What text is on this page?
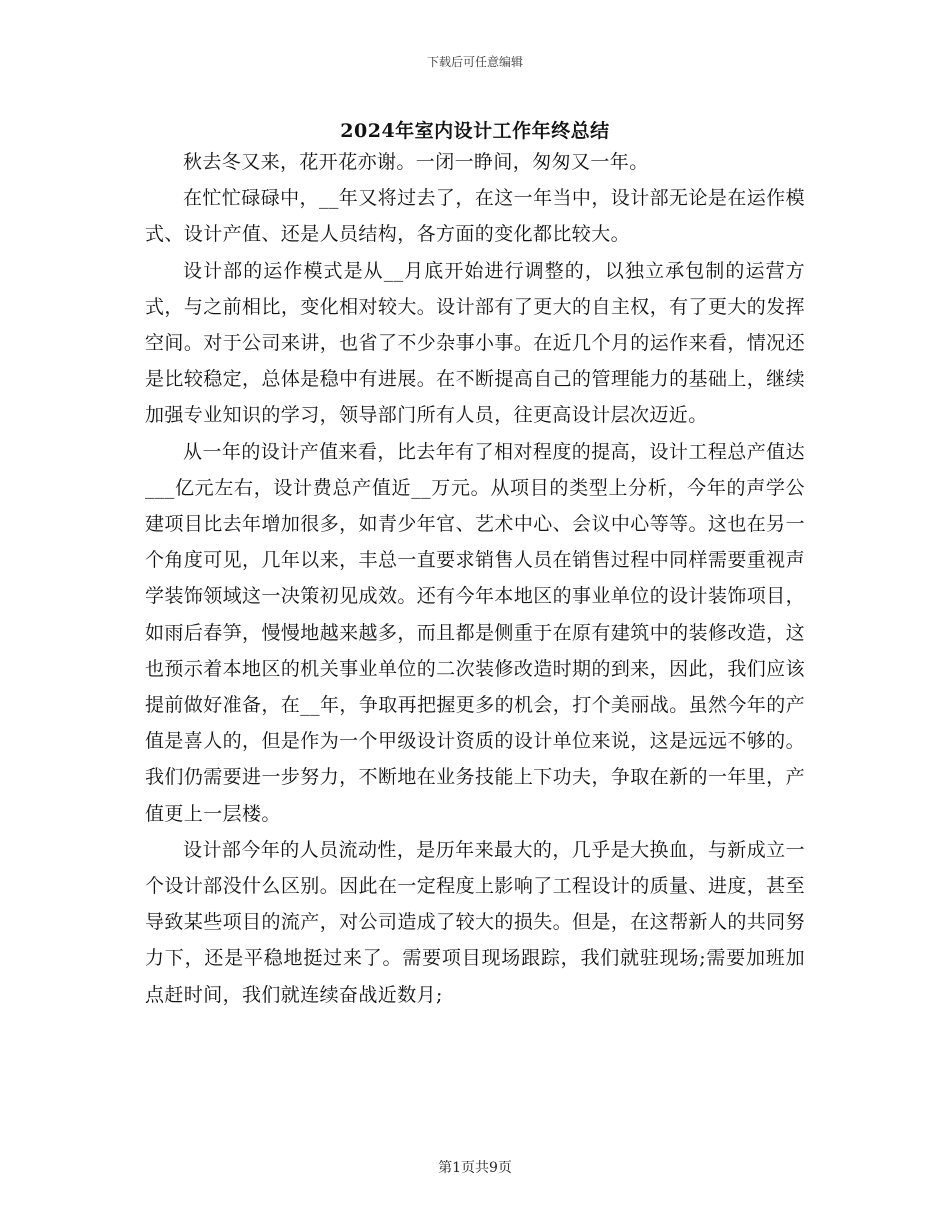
下载后可任意编辑
2024年室内设计工作年终总结

秋去冬又来，花开花亦谢。一闭一睁间，匆匆又一年。

在忙忙碌碌中，__年又将过去了，在这一年当中，设计部无论是在运作模式、设计产值、还是人员结构，各方面的变化都比较大。

设计部的运作模式是从__月底开始进行调整的，以独立承包制的运营方式，与之前相比，变化相对较大。设计部有了更大的自主权，有了更大的发挥空间。对于公司来讲，也省了不少杂事小事。在近几个月的运作来看，情况还是比较稳定，总体是稳中有进展。在不断提高自己的管理能力的基础上，继续加强专业知识的学习，领导部门所有人员，往更高设计层次迈近。

从一年的设计产值来看，比去年有了相对程度的提高，设计工程总产值达___亿元左右，设计费总产值近__万元。从项目的类型上分析，今年的声学公建项目比去年增加很多，如青少年官、艺术中心、会议中心等等。这也在另一个角度可见，几年以来，丰总一直要求销售人员在销售过程中同样需要重视声学装饰领域这一决策初见成效。还有今年本地区的事业单位的设计装饰项目，如雨后春笋，慢慢地越来越多，而且都是侧重于在原有建筑中的装修改造，这也预示着本地区的机关事业单位的二次装修改造时期的到来，因此，我们应该提前做好准备，在__年，争取再把握更多的机会，打个美丽战。虽然今年的产值是喜人的，但是作为一个甲级设计资质的设计单位来说，这是远远不够的。我们仍需要进一步努力，不断地在业务技能上下功夫，争取在新的一年里，产值更上一层楼。

设计部今年的人员流动性，是历年来最大的，几乎是大换血，与新成立一个设计部没什么区别。因此在一定程度上影响了工程设计的质量、进度，甚至导致某些项目的流产，对公司造成了较大的损失。但是，在这帮新人的共同努力下，还是平稳地挺过来了。需要项目现场跟踪，我们就驻现场;需要加班加点赶时间，我们就连续奋战近数月;

第1页共9页
